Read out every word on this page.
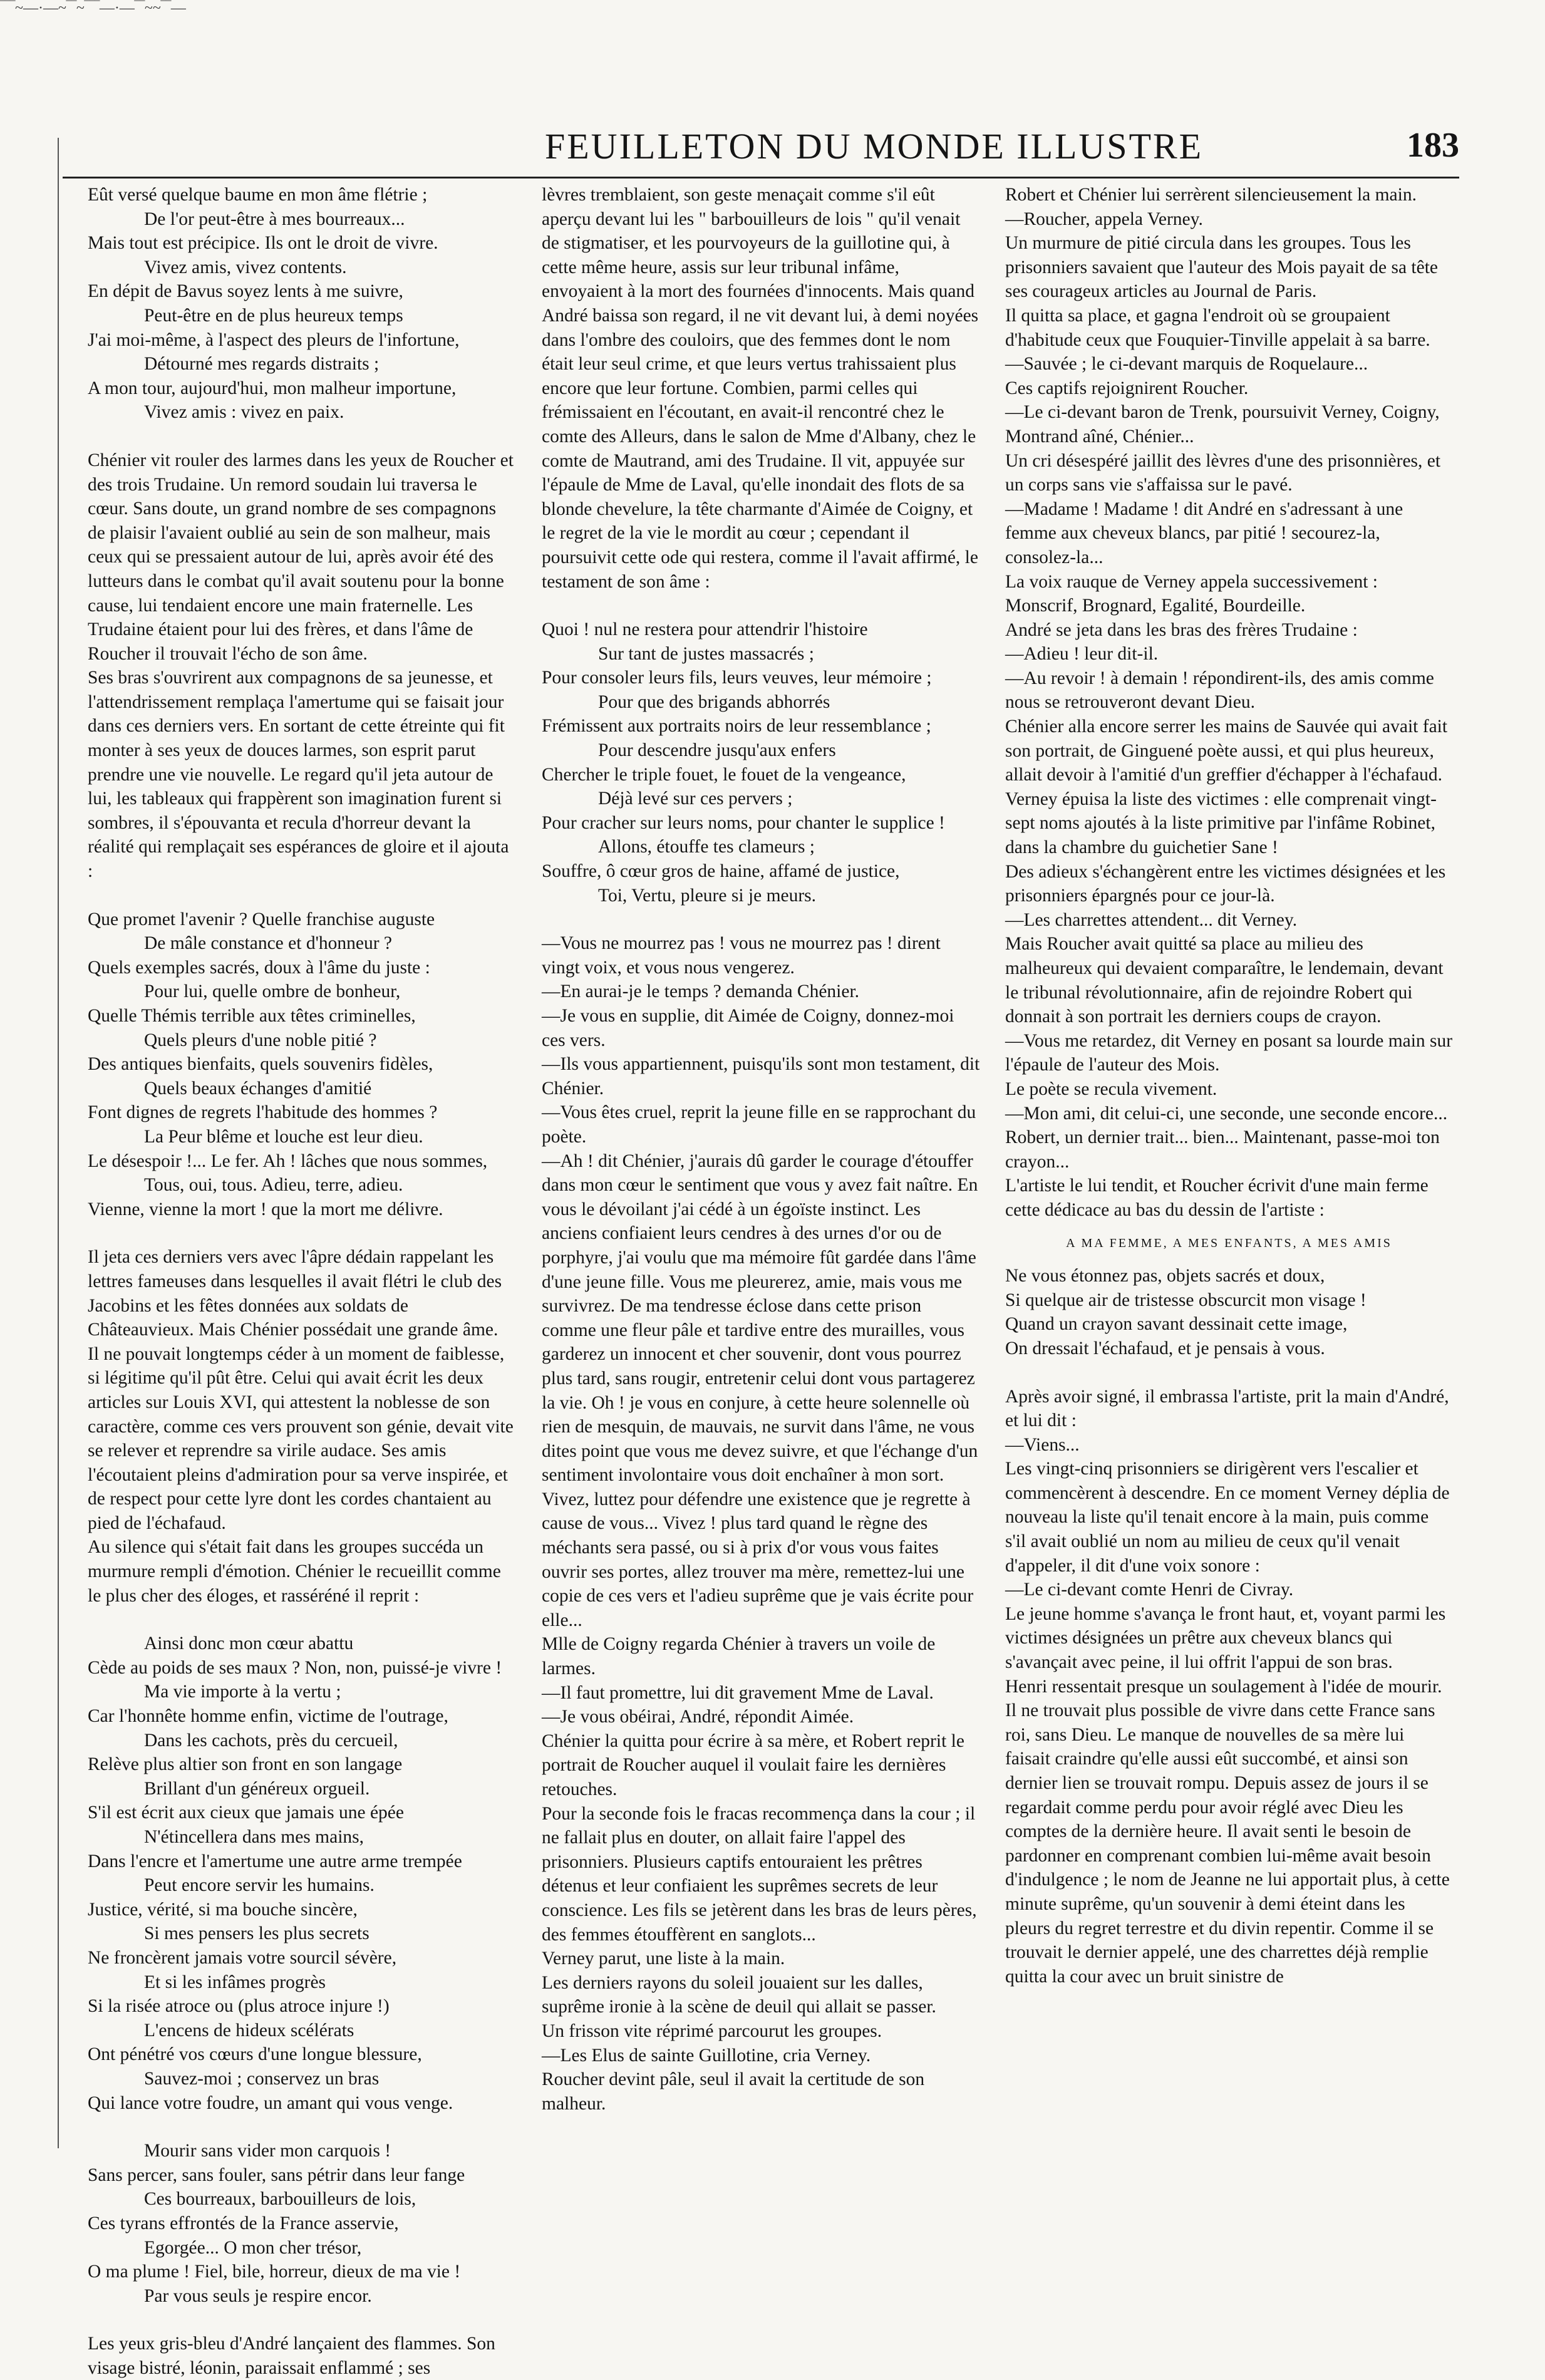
‾‾‾~—·—~‾‾~‾‾‾—·—‾‾~~‾‾—
FEUILLETON DU MONDE ILLUSTRE	183
Eût versé quelque baume en mon âme flétrie ;
De l'or peut-être à mes bourreaux...
Mais tout est précipice. Ils ont le droit de vivre.
Vivez amis, vivez contents.
En dépit de Bavus soyez lents à me suivre,
Peut-être en de plus heureux temps
J'ai moi-même, à l'aspect des pleurs de l'infortune,
Détourné mes regards distraits ;
A mon tour, aujourd'hui, mon malheur importune,
Vivez amis : vivez en paix.
Chénier vit rouler des larmes dans les yeux de Roucher et des trois Trudaine. Un remord soudain lui traversa le cœur. Sans doute, un grand nombre de ses compagnons de plaisir l'avaient oublié au sein de son malheur, mais ceux qui se pressaient autour de lui, après avoir été des lutteurs dans le combat qu'il avait soutenu pour la bonne cause, lui tendaient encore une main fraternelle. Les Trudaine étaient pour lui des frères, et dans l'âme de Roucher il trouvait l'écho de son âme.
Ses bras s'ouvrirent aux compagnons de sa jeunesse, et l'attendrissement remplaça l'amertume qui se faisait jour dans ces derniers vers. En sortant de cette étreinte qui fit monter à ses yeux de douces larmes, son esprit parut prendre une vie nouvelle. Le regard qu'il jeta autour de lui, les tableaux qui frappèrent son imagination furent si sombres, il s'épouvanta et recula d'horreur devant la réalité qui remplaçait ses espérances de gloire et il ajouta :
Que promet l'avenir ? Quelle franchise auguste
De mâle constance et d'honneur ?
Quels exemples sacrés, doux à l'âme du juste :
Pour lui, quelle ombre de bonheur,
Quelle Thémis terrible aux têtes criminelles,
Quels pleurs d'une noble pitié ?
Des antiques bienfaits, quels souvenirs fidèles,
Quels beaux échanges d'amitié
Font dignes de regrets l'habitude des hommes ?
La Peur blême et louche est leur dieu.
Le désespoir !... Le fer. Ah ! lâches que nous sommes,
Tous, oui, tous. Adieu, terre, adieu.
Vienne, vienne la mort ! que la mort me délivre.
Il jeta ces derniers vers avec l'âpre dédain rappelant les lettres fameuses dans lesquelles il avait flétri le club des Jacobins et les fêtes données aux soldats de Châteauvieux. Mais Chénier possédait une grande âme. Il ne pouvait longtemps céder à un moment de faiblesse, si légitime qu'il pût être. Celui qui avait écrit les deux articles sur Louis XVI, qui attestent la noblesse de son caractère, comme ces vers prouvent son génie, devait vite se relever et reprendre sa virile audace. Ses amis l'écoutaient pleins d'admiration pour sa verve inspirée, et de respect pour cette lyre dont les cordes chantaient au pied de l'échafaud.
Au silence qui s'était fait dans les groupes succéda un murmure rempli d'émotion. Chénier le recueillit comme le plus cher des éloges, et rasséréné il reprit :
Ainsi donc mon cœur abattu
Cède au poids de ses maux ? Non, non, puissé-je vivre !
Ma vie importe à la vertu ;
Car l'honnête homme enfin, victime de l'outrage,
Dans les cachots, près du cercueil,
Relève plus altier son front en son langage
Brillant d'un généreux orgueil.
S'il est écrit aux cieux que jamais une épée
N'étincellera dans mes mains,
Dans l'encre et l'amertume une autre arme trempée
Peut encore servir les humains.
Justice, vérité, si ma bouche sincère,
Si mes pensers les plus secrets
Ne froncèrent jamais votre sourcil sévère,
Et si les infâmes progrès
Si la risée atroce ou (plus atroce injure !)
L'encens de hideux scélérats
Ont pénétré vos cœurs d'une longue blessure,
Sauvez-moi ; conservez un bras
Qui lance votre foudre, un amant qui vous venge.
Mourir sans vider mon carquois !
Sans percer, sans fouler, sans pétrir dans leur fange
Ces bourreaux, barbouilleurs de lois,
Ces tyrans effrontés de la France asservie,
Egorgée... O mon cher trésor,
O ma plume ! Fiel, bile, horreur, dieux de ma vie !
Par vous seuls je respire encor.
Les yeux gris-bleu d'André lançaient des flammes. Son visage bistré, léonin, paraissait enflammé ; ses
lèvres tremblaient, son geste menaçait comme s'il eût aperçu devant lui les " barbouilleurs de lois " qu'il venait de stigmatiser, et les pourvoyeurs de la guillotine qui, à cette même heure, assis sur leur tribunal infâme, envoyaient à la mort des fournées d'innocents. Mais quand André baissa son regard, il ne vit devant lui, à demi noyées dans l'ombre des couloirs, que des femmes dont le nom était leur seul crime, et que leurs vertus trahissaient plus encore que leur fortune. Combien, parmi celles qui frémissaient en l'écoutant, en avait-il rencontré chez le comte des Alleurs, dans le salon de Mme d'Albany, chez le comte de Mautrand, ami des Trudaine. Il vit, appuyée sur l'épaule de Mme de Laval, qu'elle inondait des flots de sa blonde chevelure, la tête charmante d'Aimée de Coigny, et le regret de la vie le mordit au cœur ; cependant il poursuivit cette ode qui restera, comme il l'avait affirmé, le testament de son âme :
Quoi ! nul ne restera pour attendrir l'histoire
Sur tant de justes massacrés ;
Pour consoler leurs fils, leurs veuves, leur mémoire ;
Pour que des brigands abhorrés
Frémissent aux portraits noirs de leur ressemblance ;
Pour descendre jusqu'aux enfers
Chercher le triple fouet, le fouet de la vengeance,
Déjà levé sur ces pervers ;
Pour cracher sur leurs noms, pour chanter le supplice !
Allons, étouffe tes clameurs ;
Souffre, ô cœur gros de haine, affamé de justice,
Toi, Vertu, pleure si je meurs.
—Vous ne mourrez pas ! vous ne mourrez pas ! dirent vingt voix, et vous nous vengerez.
—En aurai-je le temps ? demanda Chénier.
—Je vous en supplie, dit Aimée de Coigny, donnez-moi ces vers.
—Ils vous appartiennent, puisqu'ils sont mon testament, dit Chénier.
—Vous êtes cruel, reprit la jeune fille en se rapprochant du poète.
—Ah ! dit Chénier, j'aurais dû garder le courage d'étouffer dans mon cœur le sentiment que vous y avez fait naître. En vous le dévoilant j'ai cédé à un égoïste instinct. Les anciens confiaient leurs cendres à des urnes d'or ou de porphyre, j'ai voulu que ma mémoire fût gardée dans l'âme d'une jeune fille. Vous me pleurerez, amie, mais vous me survivrez. De ma tendresse éclose dans cette prison comme une fleur pâle et tardive entre des murailles, vous garderez un innocent et cher souvenir, dont vous pourrez plus tard, sans rougir, entretenir celui dont vous partagerez la vie. Oh ! je vous en conjure, à cette heure solennelle où rien de mesquin, de mauvais, ne survit dans l'âme, ne vous dites point que vous me devez suivre, et que l'échange d'un sentiment involontaire vous doit enchaîner à mon sort. Vivez, luttez pour défendre une existence que je regrette à cause de vous... Vivez ! plus tard quand le règne des méchants sera passé, ou si à prix d'or vous vous faites ouvrir ses portes, allez trouver ma mère, remettez-lui une copie de ces vers et l'adieu suprême que je vais écrite pour elle...
Mlle de Coigny regarda Chénier à travers un voile de larmes.
—Il faut promettre, lui dit gravement Mme de Laval.
—Je vous obéirai, André, répondit Aimée.
Chénier la quitta pour écrire à sa mère, et Robert reprit le portrait de Roucher auquel il voulait faire les dernières retouches.
Pour la seconde fois le fracas recommença dans la cour ; il ne fallait plus en douter, on allait faire l'appel des prisonniers. Plusieurs captifs entouraient les prêtres détenus et leur confiaient les suprêmes secrets de leur conscience. Les fils se jetèrent dans les bras de leurs pères, des femmes étouffèrent en sanglots...
Verney parut, une liste à la main.
Les derniers rayons du soleil jouaient sur les dalles, suprême ironie à la scène de deuil qui allait se passer.
Un frisson vite réprimé parcourut les groupes.
—Les Elus de sainte Guillotine, cria Verney.
Roucher devint pâle, seul il avait la certitude de son malheur.
Robert et Chénier lui serrèrent silencieusement la main.
—Roucher, appela Verney.
Un murmure de pitié circula dans les groupes. Tous les prisonniers savaient que l'auteur des Mois payait de sa tête ses courageux articles au Journal de Paris.
Il quitta sa place, et gagna l'endroit où se groupaient d'habitude ceux que Fouquier-Tinville appelait à sa barre.
—Sauvée ; le ci-devant marquis de Roquelaure...
Ces captifs rejoignirent Roucher.
—Le ci-devant baron de Trenk, poursuivit Verney, Coigny, Montrand aîné, Chénier...
Un cri désespéré jaillit des lèvres d'une des prisonnières, et un corps sans vie s'affaissa sur le pavé.
—Madame ! Madame ! dit André en s'adressant à une femme aux cheveux blancs, par pitié ! secourez-la, consolez-la...
La voix rauque de Verney appela successivement : Monscrif, Brognard, Egalité, Bourdeille.
André se jeta dans les bras des frères Trudaine :
—Adieu ! leur dit-il.
—Au revoir ! à demain ! répondirent-ils, des amis comme nous se retrouveront devant Dieu.
Chénier alla encore serrer les mains de Sauvée qui avait fait son portrait, de Ginguené poète aussi, et qui plus heureux, allait devoir à l'amitié d'un greffier d'échapper à l'échafaud.
Verney épuisa la liste des victimes : elle comprenait vingt-sept noms ajoutés à la liste primitive par l'infâme Robinet, dans la chambre du guichetier Sane !
Des adieux s'échangèrent entre les victimes désignées et les prisonniers épargnés pour ce jour-là.
—Les charrettes attendent... dit Verney.
Mais Roucher avait quitté sa place au milieu des malheureux qui devaient comparaître, le lendemain, devant le tribunal révolutionnaire, afin de rejoindre Robert qui donnait à son portrait les derniers coups de crayon.
—Vous me retardez, dit Verney en posant sa lourde main sur l'épaule de l'auteur des Mois.
Le poète se recula vivement.
—Mon ami, dit celui-ci, une seconde, une seconde encore... Robert, un dernier trait... bien... Maintenant, passe-moi ton crayon...
L'artiste le lui tendit, et Roucher écrivit d'une main ferme cette dédicace au bas du dessin de l'artiste :
A MA FEMME, A MES ENFANTS, A MES AMIS
Ne vous étonnez pas, objets sacrés et doux,
Si quelque air de tristesse obscurcit mon visage !
Quand un crayon savant dessinait cette image,
On dressait l'échafaud, et je pensais à vous.
Après avoir signé, il embrassa l'artiste, prit la main d'André, et lui dit :
—Viens...
Les vingt-cinq prisonniers se dirigèrent vers l'escalier et commencèrent à descendre. En ce moment Verney déplia de nouveau la liste qu'il tenait encore à la main, puis comme s'il avait oublié un nom au milieu de ceux qu'il venait d'appeler, il dit d'une voix sonore :
—Le ci-devant comte Henri de Civray.
Le jeune homme s'avança le front haut, et, voyant parmi les victimes désignées un prêtre aux cheveux blancs qui s'avançait avec peine, il lui offrit l'appui de son bras.
Henri ressentait presque un soulagement à l'idée de mourir. Il ne trouvait plus possible de vivre dans cette France sans roi, sans Dieu. Le manque de nouvelles de sa mère lui faisait craindre qu'elle aussi eût succombé, et ainsi son dernier lien se trouvait rompu. Depuis assez de jours il se regardait comme perdu pour avoir réglé avec Dieu les comptes de la dernière heure. Il avait senti le besoin de pardonner en comprenant combien lui-même avait besoin d'indulgence ; le nom de Jeanne ne lui apportait plus, à cette minute suprême, qu'un souvenir à demi éteint dans les pleurs du regret terrestre et du divin repentir. Comme il se trouvait le dernier appelé, une des charrettes déjà remplie quitta la cour avec un bruit sinistre de
